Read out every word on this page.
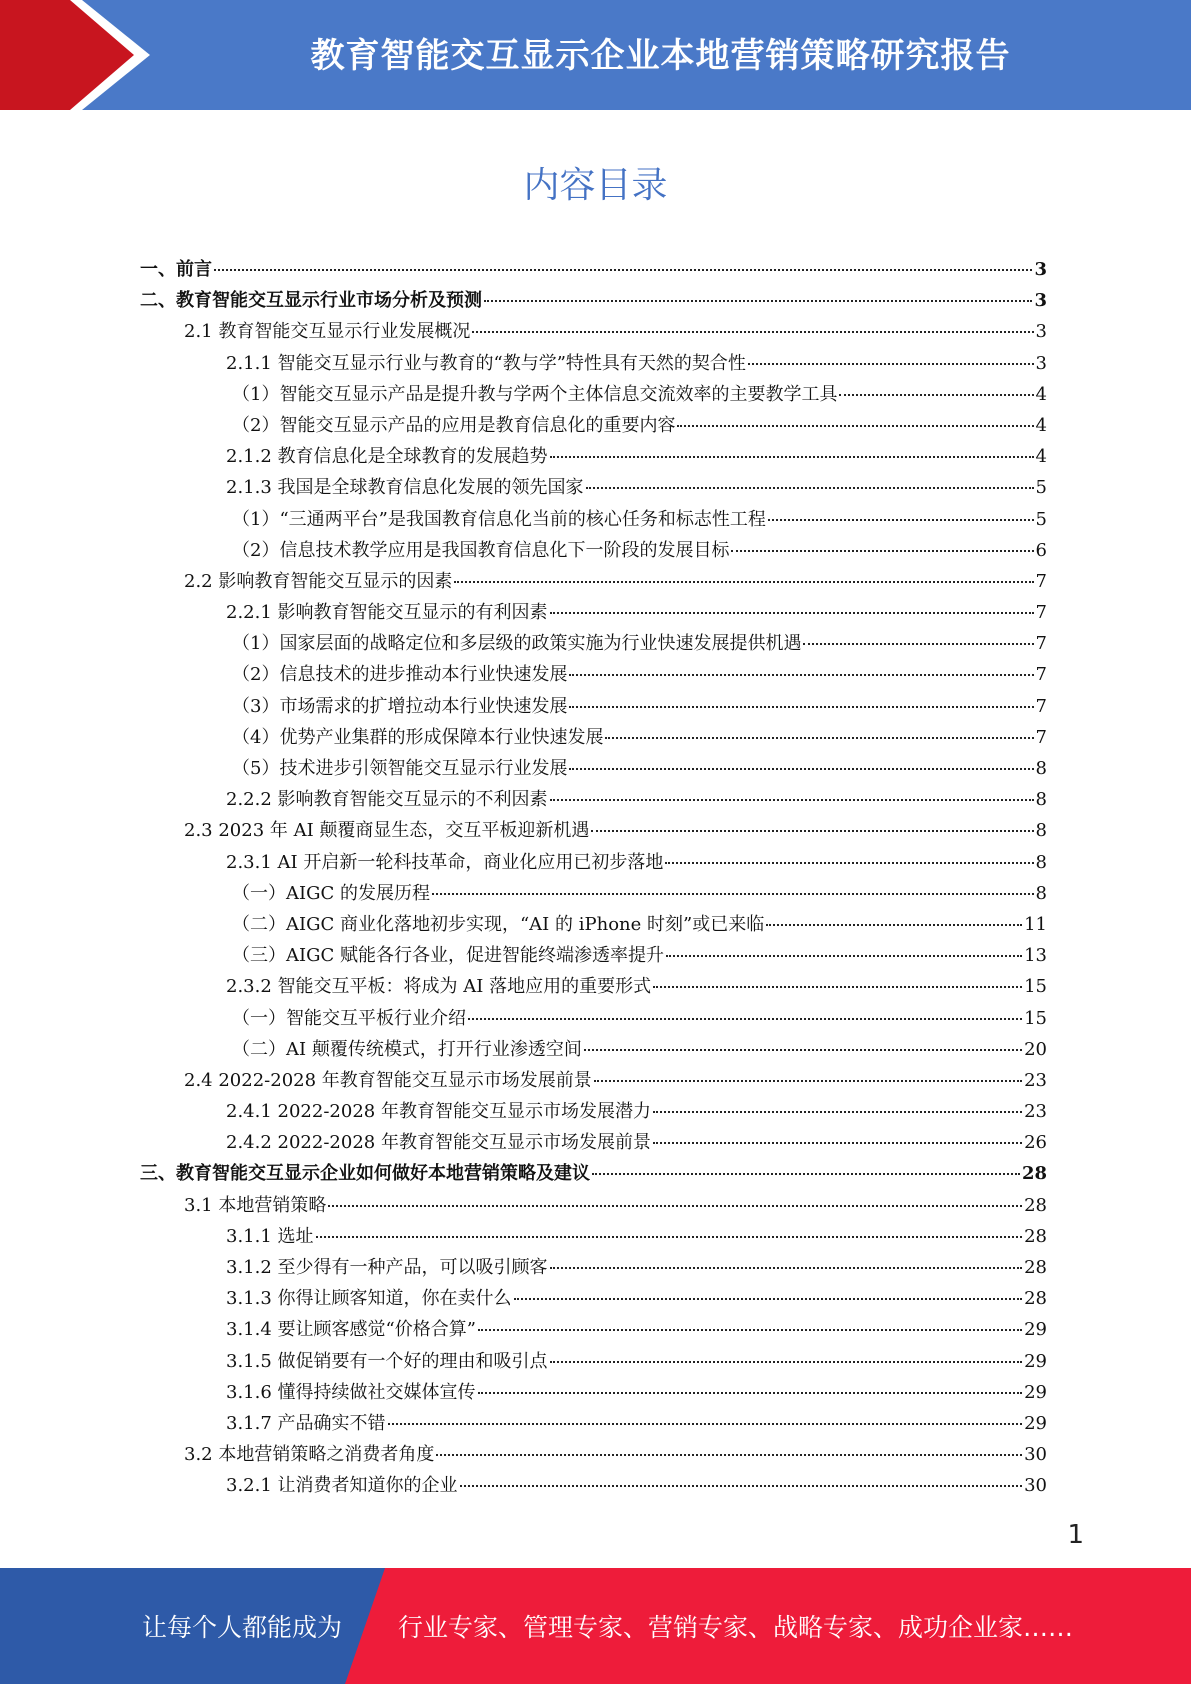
教育智能交互显示企业本地营销策略研究报告
内容目录
一、前言	3
二、教育智能交互显示行业市场分析及预测	3
2.1 教育智能交互显示行业发展概况	3
2.1.1 智能交互显示行业与教育的“教与学”特性具有天然的契合性	3
（1）智能交互显示产品是提升教与学两个主体信息交流效率的主要教学工具	4
（2）智能交互显示产品的应用是教育信息化的重要内容	4
2.1.2 教育信息化是全球教育的发展趋势	4
2.1.3 我国是全球教育信息化发展的领先国家	5
（1）“三通两平台”是我国教育信息化当前的核心任务和标志性工程	5
（2）信息技术教学应用是我国教育信息化下一阶段的发展目标	6
2.2 影响教育智能交互显示的因素	7
2.2.1 影响教育智能交互显示的有利因素	7
（1）国家层面的战略定位和多层级的政策实施为行业快速发展提供机遇	7
（2）信息技术的进步推动本行业快速发展	7
（3）市场需求的扩增拉动本行业快速发展	7
（4）优势产业集群的形成保障本行业快速发展	7
（5）技术进步引领智能交互显示行业发展	8
2.2.2 影响教育智能交互显示的不利因素	8
2.3 2023 年 AI 颠覆商显生态，交互平板迎新机遇	8
2.3.1 AI 开启新一轮科技革命，商业化应用已初步落地	8
（一）AIGC 的发展历程	8
（二）AIGC 商业化落地初步实现，“AI 的 iPhone 时刻”或已来临	11
（三）AIGC 赋能各行各业，促进智能终端渗透率提升	13
2.3.2 智能交互平板：将成为 AI 落地应用的重要形式	15
（一）智能交互平板行业介绍	15
（二）AI 颠覆传统模式，打开行业渗透空间	20
2.4 2022-2028 年教育智能交互显示市场发展前景	23
2.4.1 2022-2028 年教育智能交互显示市场发展潜力	23
2.4.2 2022-2028 年教育智能交互显示市场发展前景	26
三、教育智能交互显示企业如何做好本地营销策略及建议	28
3.1 本地营销策略	28
3.1.1 选址	28
3.1.2 至少得有一种产品，可以吸引顾客	28
3.1.3 你得让顾客知道，你在卖什么	28
3.1.4 要让顾客感觉“价格合算”	29
3.1.5 做促销要有一个好的理由和吸引点	29
3.1.6 懂得持续做社交媒体宣传	29
3.1.7 产品确实不错	29
3.2 本地营销策略之消费者角度	30
3.2.1 让消费者知道你的企业	30
1
让每个人都能成为 行业专家、管理专家、营销专家、战略专家、成功企业家……
